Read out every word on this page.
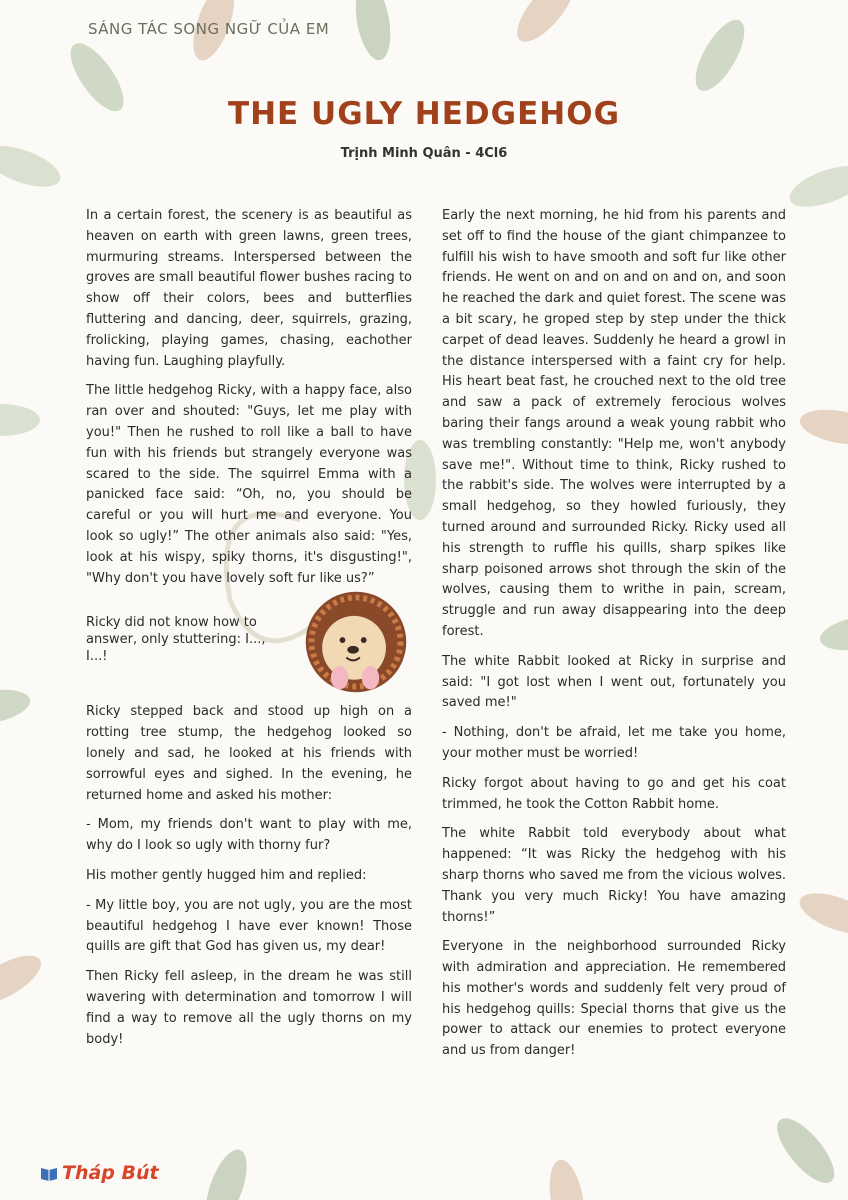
SÁNG TÁC SONG NGỮ CỦA EM
THE UGLY HEDGEHOG
Trịnh Minh Quân - 4Cl6

In a certain forest, the scenery is as beautiful as heaven on earth with green lawns, green trees, murmuring streams. Interspersed between the groves are small beautiful flower bushes racing to show off their colors, bees and butterflies fluttering and dancing, deer, squirrels, grazing, frolicking, playing games, chasing, eachother having fun. Laughing playfully.

The little hedgehog Ricky, with a happy face, also ran over and shouted: "Guys, let me play with you!" Then he rushed to roll like a ball to have fun with his friends but strangely everyone was scared to the side. The squirrel Emma with a panicked face said: “Oh, no, you should be careful or you will hurt me and everyone. You look so ugly!” The other animals also said: "Yes, look at his wispy, spiky thorns, it's disgusting!", "Why don't you have lovely soft fur like us?”

Ricky did not know how to answer, only stuttering: I..., I...!

Ricky stepped back and stood up high on a rotting tree stump, the hedgehog looked so lonely and sad, he looked at his friends with sorrowful eyes and sighed. In the evening, he returned home and asked his mother:

- Mom, my friends don't want to play with me, why do I look so ugly with thorny fur?

His mother gently hugged him and replied:

- My little boy, you are not ugly, you are the most beautiful hedgehog I have ever known! Those quills are gift that God has given us, my dear!

Then Ricky fell asleep, in the dream he was still wavering with determination and tomorrow I will find a way to remove all the ugly thorns on my body!

Early the next morning, he hid from his parents and set off to find the house of the giant chimpanzee to fulfill his wish to have smooth and soft fur like other friends. He went on and on and on and on, and soon he reached the dark and quiet forest. The scene was a bit scary, he groped step by step under the thick carpet of dead leaves. Suddenly he heard a growl in the distance interspersed with a faint cry for help. His heart beat fast, he crouched next to the old tree and saw a pack of extremely ferocious wolves baring their fangs around a weak young rabbit who was trembling constantly: "Help me, won't anybody save me!". Without time to think, Ricky rushed to the rabbit's side. The wolves were interrupted by a small hedgehog, so they howled furiously, they turned around and surrounded Ricky. Ricky used all his strength to ruffle his quills, sharp spikes like sharp poisoned arrows shot through the skin of the wolves, causing them to writhe in pain, scream, struggle and run away disappearing into the deep forest.

The white Rabbit looked at Ricky in surprise and said: "I got lost when I went out, fortunately you saved me!"

- Nothing, don't be afraid, let me take you home, your mother must be worried!

Ricky forgot about having to go and get his coat trimmed, he took the Cotton Rabbit home.

The white Rabbit told everybody about what happened: “It was Ricky the hedgehog with his sharp thorns who saved me from the vicious wolves. Thank you very much Ricky! You have amazing thorns!”

Everyone in the neighborhood surrounded Ricky with admiration and appreciation. He remembered his mother's words and suddenly felt very proud of his hedgehog quills: Special thorns that give us the power to attack our enemies to protect everyone and us from danger!

Tháp Bút
